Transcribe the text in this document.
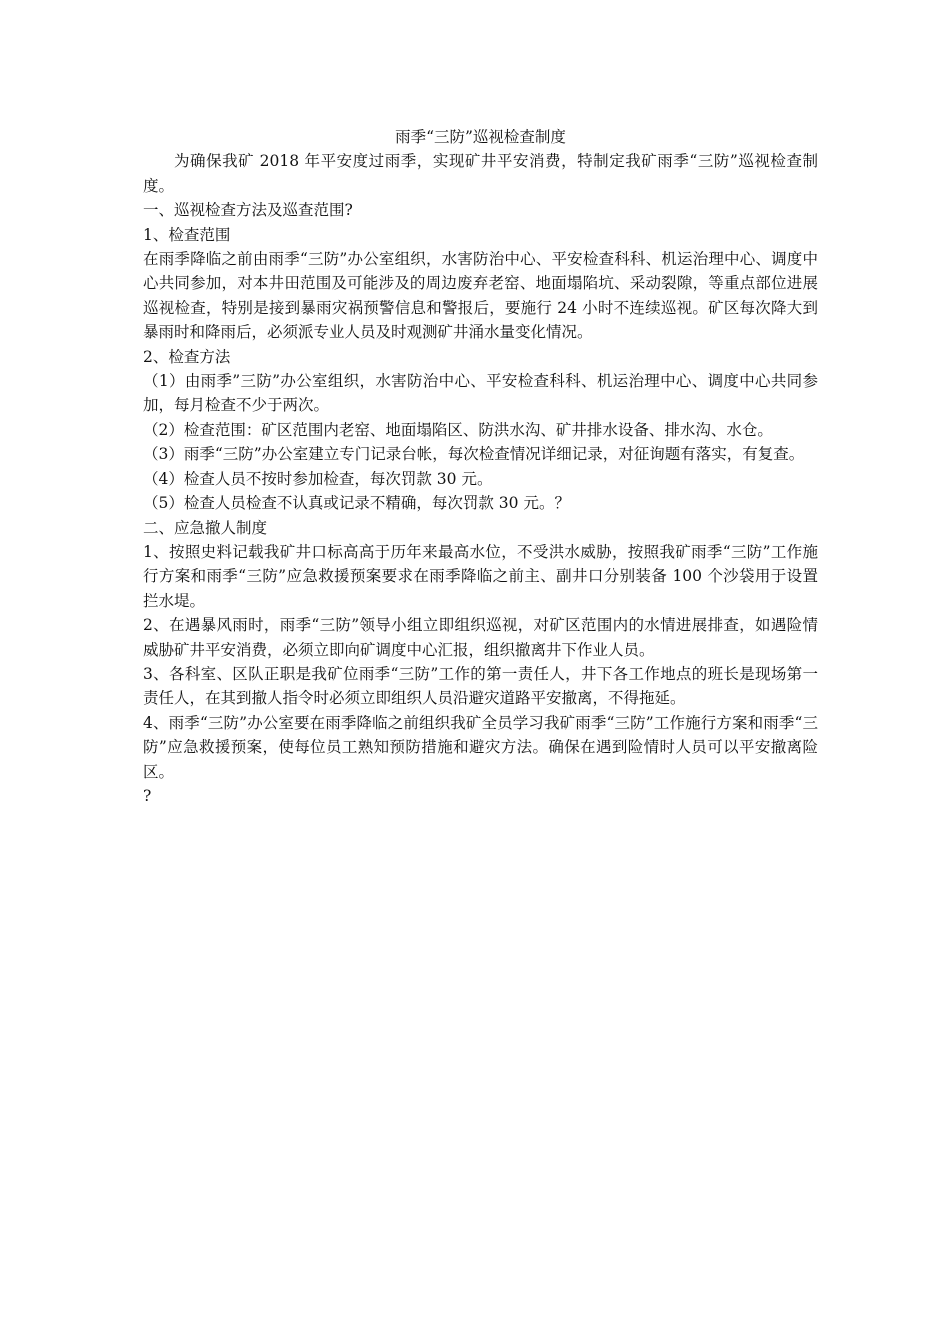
雨季“三防”巡视检查制度

为确保我矿 2018 年平安度过雨季，实现矿井平安消费，特制定我矿雨季“三防”巡视检查制度。

一、巡视检查方法及巡查范围?

1、检查范围

在雨季降临之前由雨季“三防”办公室组织，水害防治中心、平安检查科科、机运治理中心、调度中心共同参加，对本井田范围及可能涉及的周边废弃老窑、地面塌陷坑、采动裂隙，等重点部位进展巡视检查，特别是接到暴雨灾祸预警信息和警报后，要施行 24 小时不连续巡视。矿区每次降大到暴雨时和降雨后，必须派专业人员及时观测矿井涌水量变化情况。

2、检查方法

（1）由雨季”三防”办公室组织，水害防治中心、平安检查科科、机运治理中心、调度中心共同参加，每月检查不少于两次。

（2）检查范围：矿区范围内老窑、地面塌陷区、防洪水沟、矿井排水设备、排水沟、水仓。

（3）雨季“三防”办公室建立专门记录台帐，每次检查情况详细记录，对征询题有落实，有复查。

（4）检查人员不按时参加检查，每次罚款 30 元。

（5）检查人员检查不认真或记录不精确，每次罚款 30 元。？

二、应急撤人制度

1、按照史料记载我矿井口标高高于历年来最高水位，不受洪水威胁，按照我矿雨季“三防”工作施行方案和雨季“三防”应急救援预案要求在雨季降临之前主、副井口分别装备 100 个沙袋用于设置拦水堤。

2、在遇暴风雨时，雨季“三防”领导小组立即组织巡视，对矿区范围内的水情进展排查，如遇险情威胁矿井平安消费，必须立即向矿调度中心汇报，组织撤离井下作业人员。

3、各科室、区队正职是我矿位雨季“三防”工作的第一责任人，井下各工作地点的班长是现场第一责任人，在其到撤人指令时必须立即组织人员沿避灾道路平安撤离，不得拖延。

4、雨季“三防”办公室要在雨季降临之前组织我矿全员学习我矿雨季“三防”工作施行方案和雨季“三防”应急救援预案，使每位员工熟知预防措施和避灾方法。确保在遇到险情时人员可以平安撤离险区。

?
